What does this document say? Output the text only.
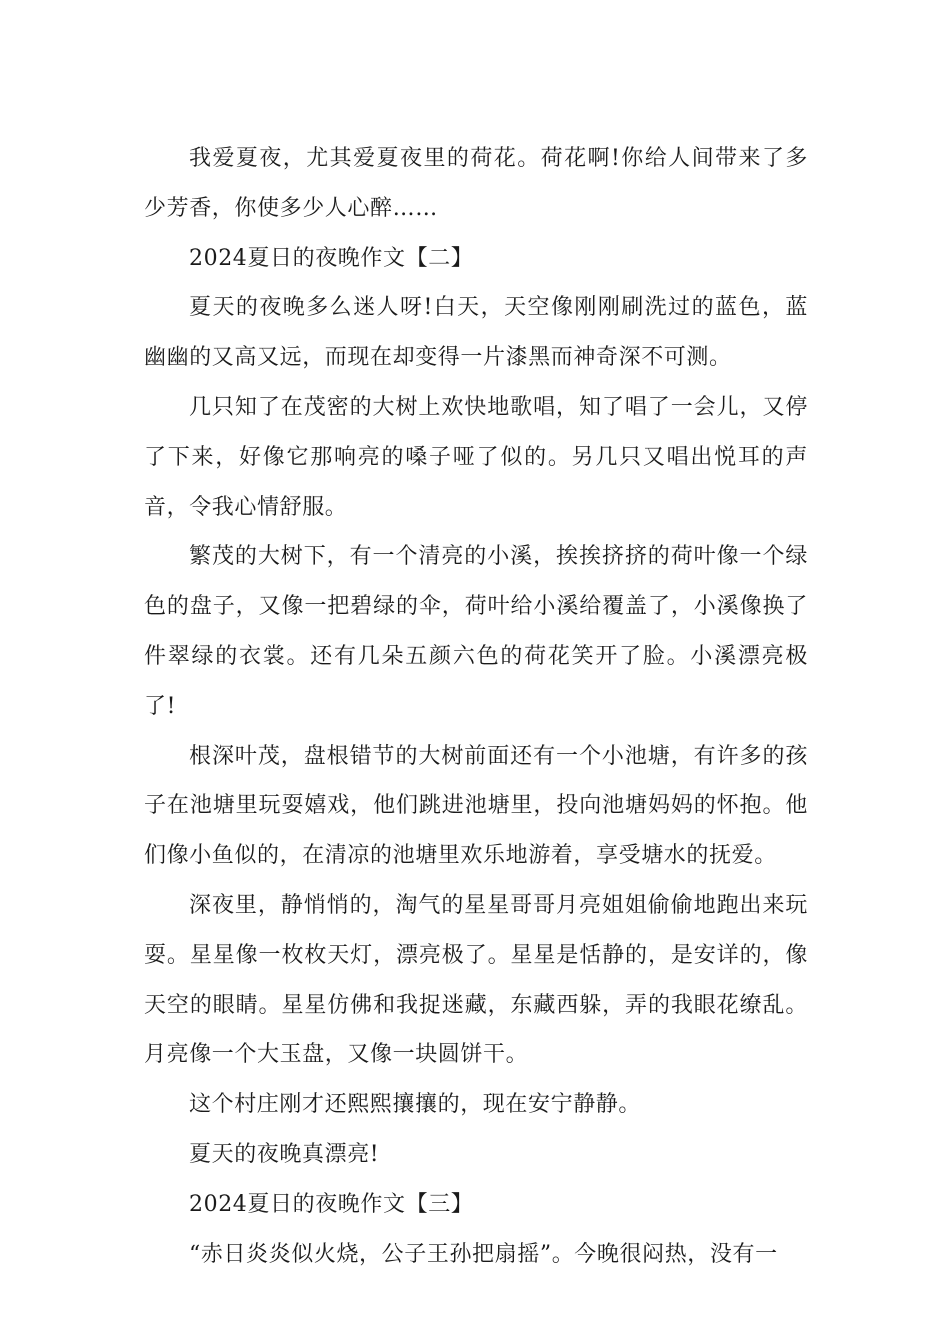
我爱夏夜，尤其爱夏夜里的荷花。荷花啊!你给人间带来了多少芳香，你使多少人心醉……

2024夏日的夜晚作文【二】

夏天的夜晚多么迷人呀!白天，天空像刚刚刷洗过的蓝色，蓝幽幽的又高又远，而现在却变得一片漆黑而神奇深不可测。

几只知了在茂密的大树上欢快地歌唱，知了唱了一会儿，又停了下来，好像它那响亮的嗓子哑了似的。另几只又唱出悦耳的声音，令我心情舒服。

繁茂的大树下，有一个清亮的小溪，挨挨挤挤的荷叶像一个绿色的盘子，又像一把碧绿的伞，荷叶给小溪给覆盖了，小溪像换了件翠绿的衣裳。还有几朵五颜六色的荷花笑开了脸。小溪漂亮极了!

根深叶茂，盘根错节的大树前面还有一个小池塘，有许多的孩子在池塘里玩耍嬉戏，他们跳进池塘里，投向池塘妈妈的怀抱。他们像小鱼似的，在清凉的池塘里欢乐地游着，享受塘水的抚爱。

深夜里，静悄悄的，淘气的星星哥哥月亮姐姐偷偷地跑出来玩耍。星星像一枚枚天灯，漂亮极了。星星是恬静的，是安详的，像天空的眼睛。星星仿佛和我捉迷藏，东藏西躲，弄的我眼花缭乱。月亮像一个大玉盘，又像一块圆饼干。

这个村庄刚才还熙熙攘攘的，现在安宁静静。

夏天的夜晚真漂亮!

2024夏日的夜晚作文【三】

“赤日炎炎似火烧，公子王孙把扇摇”。今晚很闷热，没有一
